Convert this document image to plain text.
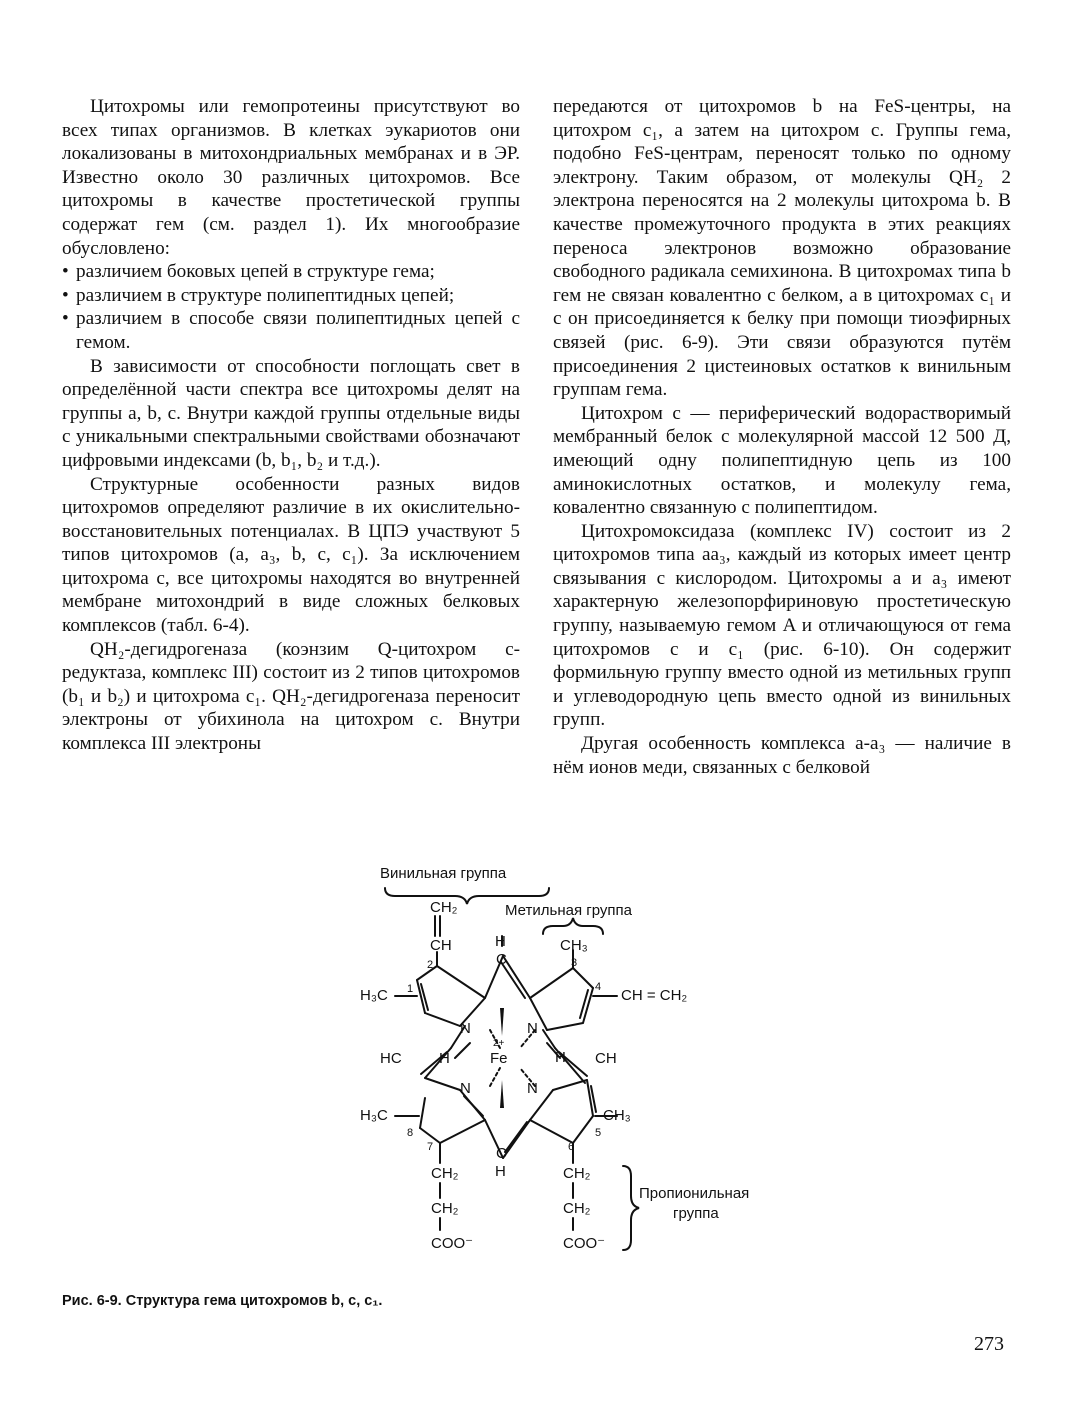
Цитохромы или гемопротеины присутствуют во всех типах организмов. В клетках эукариотов они локализованы в митохондриальных мембранах и в ЭР. Известно около 30 различных цитохромов. Все цитохромы в качестве простетической группы содержат гем (см. раздел 1). Их многообразие обусловлено:

• различием боковых цепей в структуре гема;
• различием в структуре полипептидных цепей;
• различием в способе связи полипептидных цепей с гемом.

В зависимости от способности поглощать свет в определённой части спектра все цитохромы делят на группы a, b, c. Внутри каждой группы отдельные виды с уникальными спектральными свойствами обозначают цифровыми индексами (b, b₁, b₂ и т.д.).

Структурные особенности разных видов цитохромов определяют различие в их окислительно-восстановительных потенциалах. В ЦПЭ участвуют 5 типов цитохромов (a, a₃, b, c, c₁). За исключением цитохрома c, все цитохромы находятся во внутренней мембране митохондрий в виде сложных белковых комплексов (табл. 6-4).

QH₂-дегидрогеназа (коэнзим Q-цитохром c-редуктаза, комплекс III) состоит из 2 типов цитохромов (b₁ и b₂) и цитохрома c₁. QH₂-дегидрогеназа переносит электроны от убихинола на цитохром c. Внутри комплекса III электроны

передаются от цитохромов b на FeS-центры, на цитохром c₁, а затем на цитохром c. Группы гема, подобно FeS-центрам, переносят только по одному электрону. Таким образом, от молекулы QH₂ 2 электрона переносятся на 2 молекулы цитохрома b. В качестве промежуточного продукта в этих реакциях переноса электронов возможно образование свободного радикала семихинона. В цитохромах типа b гем не связан ковалентно с белком, а в цитохромах c₁ и c он присоединяется к белку при помощи тиоэфирных связей (рис. 6-9). Эти связи образуются путём присоединения 2 цистеиновых остатков к винильным группам гема.

Цитохром c — периферический водорастворимый мембранный белок с молекулярной массой 12 500 Д, имеющий одну полипептидную цепь из 100 аминокислотных остатков, и молекулу гема, ковалентно связанную с полипептидом.

Цитохромоксидаза (комплекс IV) состоит из 2 цитохромов типа aa₃, каждый из которых имеет центр связывания с кислородом. Цитохромы a и a₃ имеют характерную железопорфириновую простетическую группу, называемую гемом A и отличающуюся от гема цитохромов c и c₁ (рис. 6-10). Он содержит формильную группу вместо одной из метильных групп и углеводородную цепь вместо одной из винильных групп.

Другая особенность комплекса a-a₃ — наличие в нём ионов меди, связанных с белковой

Винильная группа
Метильная группа
Пропионильная
группа
CH₂
CH	H
C
CH₃
CH = CH₂
H₃C
HC	CH
H	H
Fe
2+
N	N
N	N
H₃C	CH₃
C
H
CH₂
CH₂
COO⁻
CH₂
CH₂
COO⁻
1
2	3
4
5
6
7
8
Рис. 6-9. Структура гема цитохромов b, c, c₁.
273
